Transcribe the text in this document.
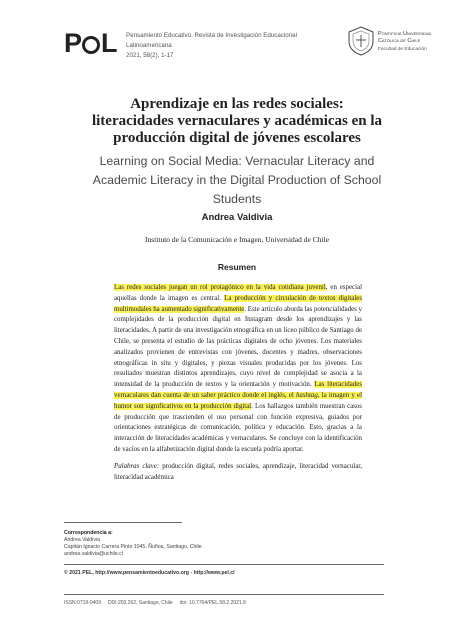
P L Pensamiento Educativo. Revista de Investigación Educacional Latinoamericana
2021, 58(2), 1-17
Pontificia Universidad
Católica de Chile
Facultad de Educación
Aprendizaje en las redes sociales: literacidades vernaculares y académicas en la producción digital de jóvenes escolares
Learning on Social Media: Vernacular Literacy and Academic Literacy in the Digital Production of School Students
Andrea Valdivia
Instituto de la Comunicación e Imagen, Universidad de Chile
Resumen
Las redes sociales juegan un rol protagónico en la vida cotidiana juvenil, en especial aquellas donde la imagen es central. La producción y circulación de textos digitales multimodales ha aumentado significativamente. Este artículo aborda las potencialidades y complejidades de la producción digital en Instagram desde los aprendizajes y las literacidades. A partir de una investigación etnográfica en un liceo público de Santiago de Chile, se presenta el estudio de las prácticas digitales de ocho jóvenes. Los materiales analizados provienen de entrevistas con jóvenes, docentes y madres, observaciones etnográficas in situ y digitales, y piezas visuales producidas por los jóvenes. Los resultados muestran distintos aprendizajes, cuyo nivel de complejidad se asocia a la intensidad de la producción de textos y la orientación y motivación. Las literacidades vernaculares dan cuenta de un saber práctico donde el inglés, el hashtag, la imagen y el humor son significativos en la producción digital. Los hallazgos también muestran casos de producción que trascienden el uso personal con función expresiva, guiados por orientaciones estratégicas de comunicación, política y educación. Esto, gracias a la interacción de literacidades académicas y vernaculares. Se concluye con la identificación de vacíos en la alfabetización digital donde la escuela podría aportar.
Palabras clave: producción digital, redes sociales, aprendizaje, literacidad vernacular, literacidad académica
Correspondencia a:
Andrea Valdivia
Capitán Ignacio Carrera Pinto 1045, Ñuñoa, Santiago, Chile.
andrea.valdivia@uchile.cl
© 2021 PEL, http://www.pensamientoeducativo.org - http://www.pel.cl
ISSN:0719-0409 DDI:203.262, Santiago, Chile doi: 10.7764/PEL.58.2.2021.8
